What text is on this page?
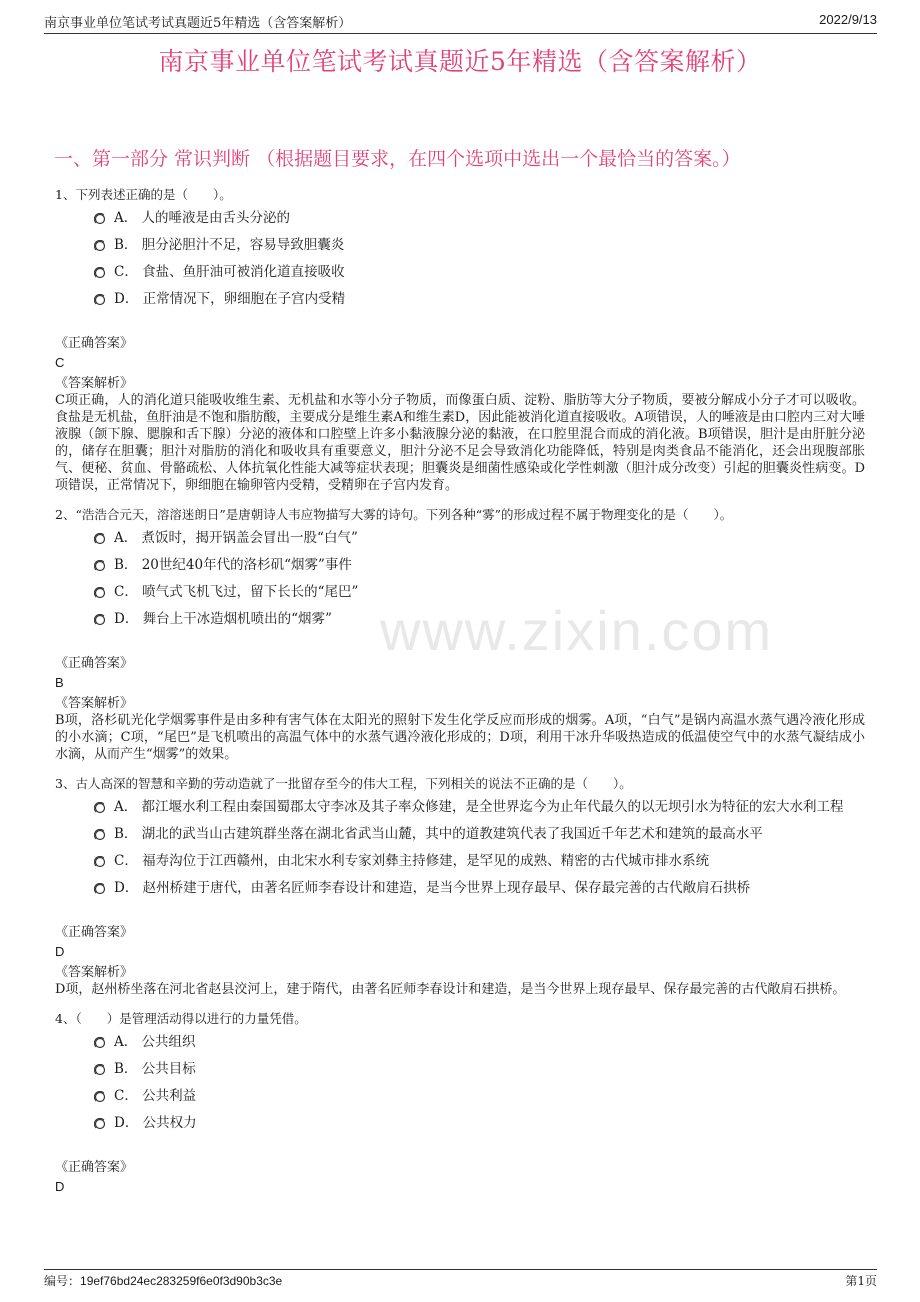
南京事业单位笔试考试真题近5年精选（含答案解析）	2022/9/13
南京事业单位笔试考试真题近5年精选（含答案解析）
一、第一部分 常识判断 （根据题目要求，在四个选项中选出一个最恰当的答案。）
www.zixin.com
1、下列表述正确的是（　　）。
A． 人的唾液是由舌头分泌的
B． 胆分泌胆汁不足，容易导致胆囊炎
C． 食盐、鱼肝油可被消化道直接吸收
D． 正常情况下，卵细胞在子宫内受精
《正确答案》
C
《答案解析》
C项正确，人的消化道只能吸收维生素、无机盐和水等小分子物质，而像蛋白质、淀粉、脂肪等大分子物质，要被分解成小分子才可以吸收。食盐是无机盐，鱼肝油是不饱和脂肪酸，主要成分是维生素A和维生素D，因此能被消化道直接吸收。A项错误，人的唾液是由口腔内三对大唾液腺（颌下腺、腮腺和舌下腺）分泌的液体和口腔壁上许多小黏液腺分泌的黏液，在口腔里混合而成的消化液。B项错误，胆汁是由肝脏分泌的，储存在胆囊；胆汁对脂肪的消化和吸收具有重要意义，胆汁分泌不足会导致消化功能降低，特别是肉类食品不能消化，还会出现腹部胀气、便秘、贫血、骨骼疏松、人体抗氧化性能大减等症状表现；胆囊炎是细菌性感染或化学性刺激（胆汁成分改变）引起的胆囊炎性病变。D项错误，正常情况下，卵细胞在输卵管内受精，受精卵在子宫内发育。
2、“浩浩合元天，溶溶迷朗日”是唐朝诗人韦应物描写大雾的诗句。下列各种“雾”的形成过程不属于物理变化的是（　　）。
A． 煮饭时，揭开锅盖会冒出一股“白气”
B． 20世纪40年代的洛杉矶“烟雾”事件
C． 喷气式飞机飞过，留下长长的“尾巴”
D． 舞台上干冰造烟机喷出的“烟雾”
《正确答案》
B
《答案解析》
B项，洛杉矶光化学烟雾事件是由多种有害气体在太阳光的照射下发生化学反应而形成的烟雾。A项，“白气”是锅内高温水蒸气遇冷液化形成的小水滴；C项，“尾巴”是飞机喷出的高温气体中的水蒸气遇冷液化形成的；D项，利用干冰升华吸热造成的低温使空气中的水蒸气凝结成小水滴，从而产生“烟雾”的效果。
3、古人高深的智慧和辛勤的劳动造就了一批留存至今的伟大工程，下列相关的说法不正确的是（　　）。
A． 都江堰水利工程由秦国蜀郡太守李冰及其子率众修建，是全世界迄今为止年代最久的以无坝引水为特征的宏大水利工程
B． 湖北的武当山古建筑群坐落在湖北省武当山麓，其中的道教建筑代表了我国近千年艺术和建筑的最高水平
C． 福寿沟位于江西赣州，由北宋水利专家刘彝主持修建，是罕见的成熟、精密的古代城市排水系统
D． 赵州桥建于唐代，由著名匠师李春设计和建造，是当今世界上现存最早、保存最完善的古代敞肩石拱桥
《正确答案》
D
《答案解析》
D项，赵州桥坐落在河北省赵县洨河上，建于隋代，由著名匠师李春设计和建造，是当今世界上现存最早、保存最完善的古代敞肩石拱桥。
4、（　　）是管理活动得以进行的力量凭借。
A． 公共组织
B． 公共目标
C． 公共利益
D． 公共权力
《正确答案》
D
编号：19ef76bd24ec283259f6e0f3d90b3c3e	第1页
